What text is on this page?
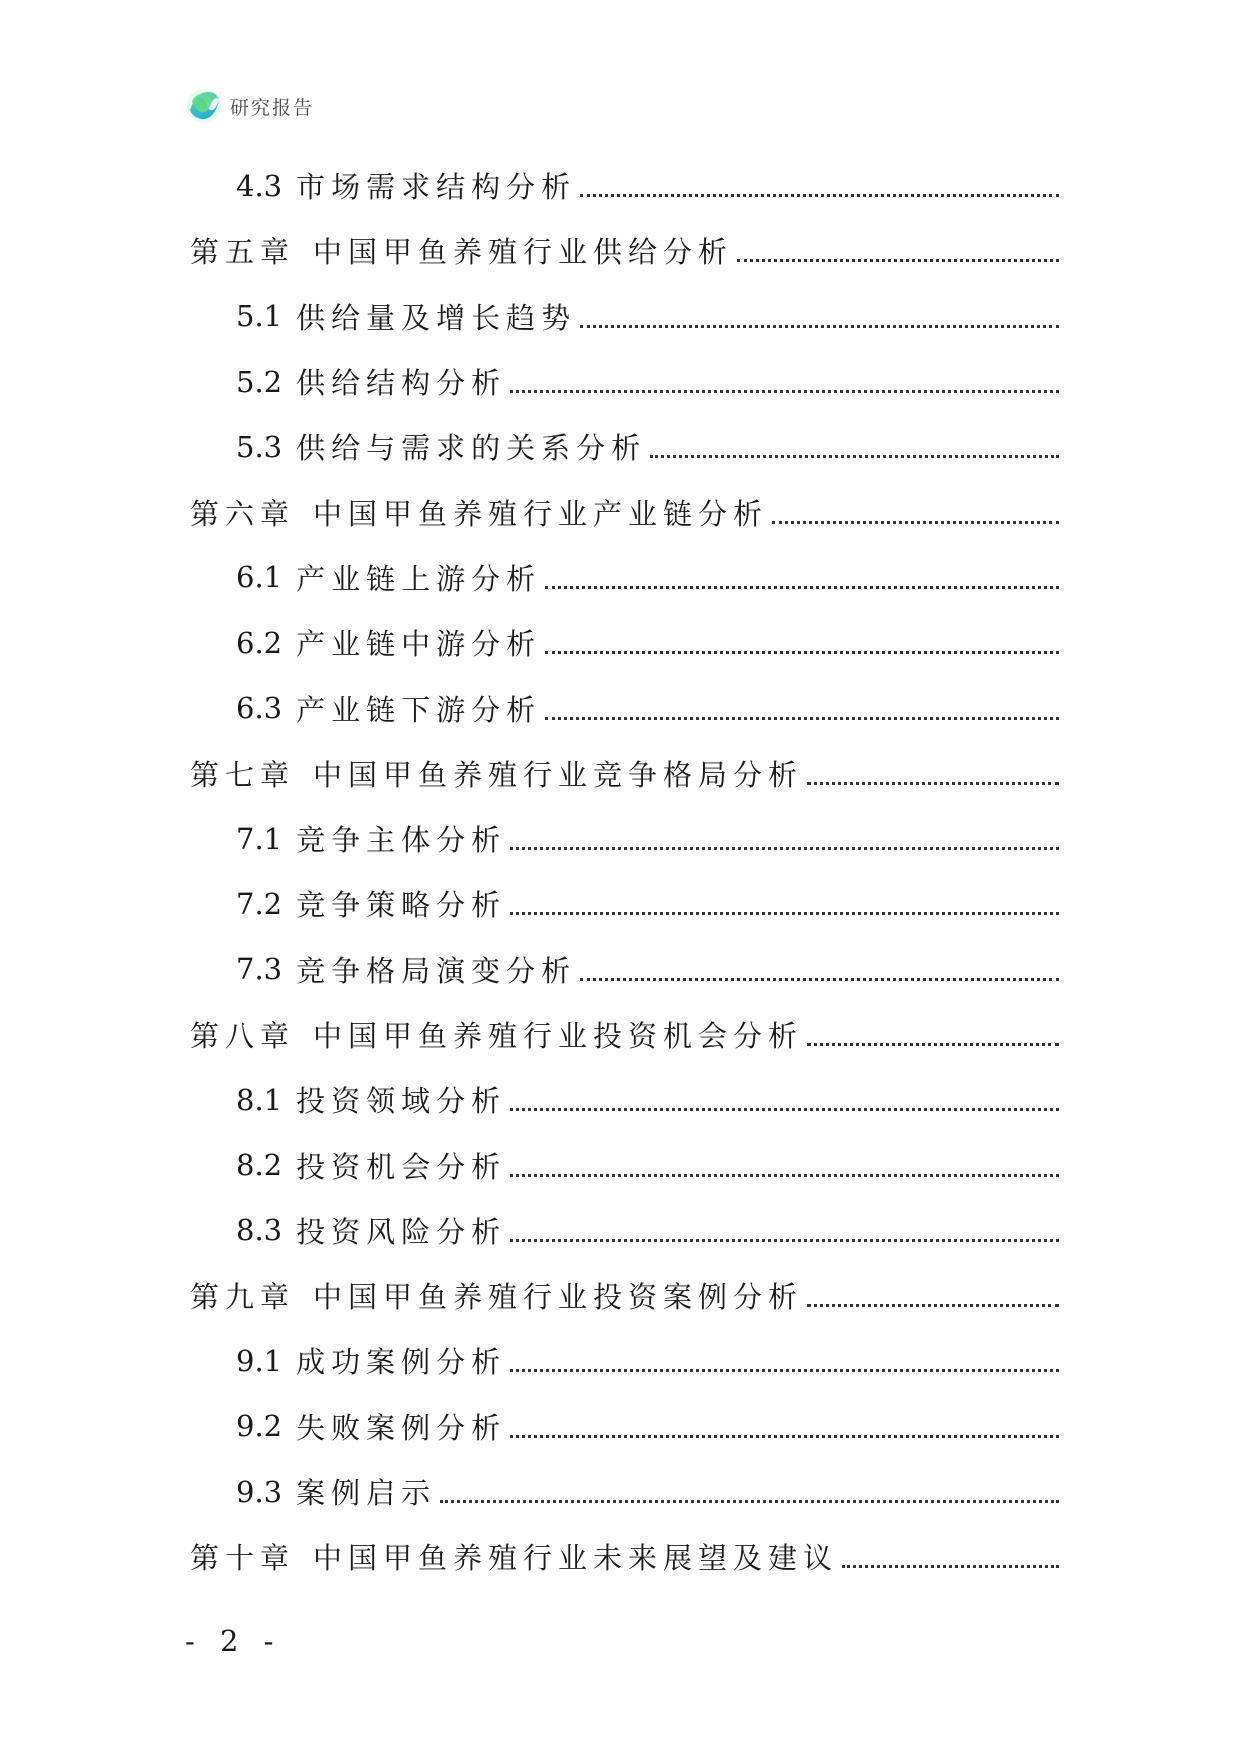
研究报告
4.3 市场需求结构分析
第五章 中国甲鱼养殖行业供给分析
5.1 供给量及增长趋势
5.2 供给结构分析
5.3 供给与需求的关系分析
第六章 中国甲鱼养殖行业产业链分析
6.1 产业链上游分析
6.2 产业链中游分析
6.3 产业链下游分析
第七章 中国甲鱼养殖行业竞争格局分析
7.1 竞争主体分析
7.2 竞争策略分析
7.3 竞争格局演变分析
第八章 中国甲鱼养殖行业投资机会分析
8.1 投资领域分析
8.2 投资机会分析
8.3 投资风险分析
第九章 中国甲鱼养殖行业投资案例分析
9.1 成功案例分析
9.2 失败案例分析
9.3 案例启示
第十章 中国甲鱼养殖行业未来展望及建议
- 2 -
